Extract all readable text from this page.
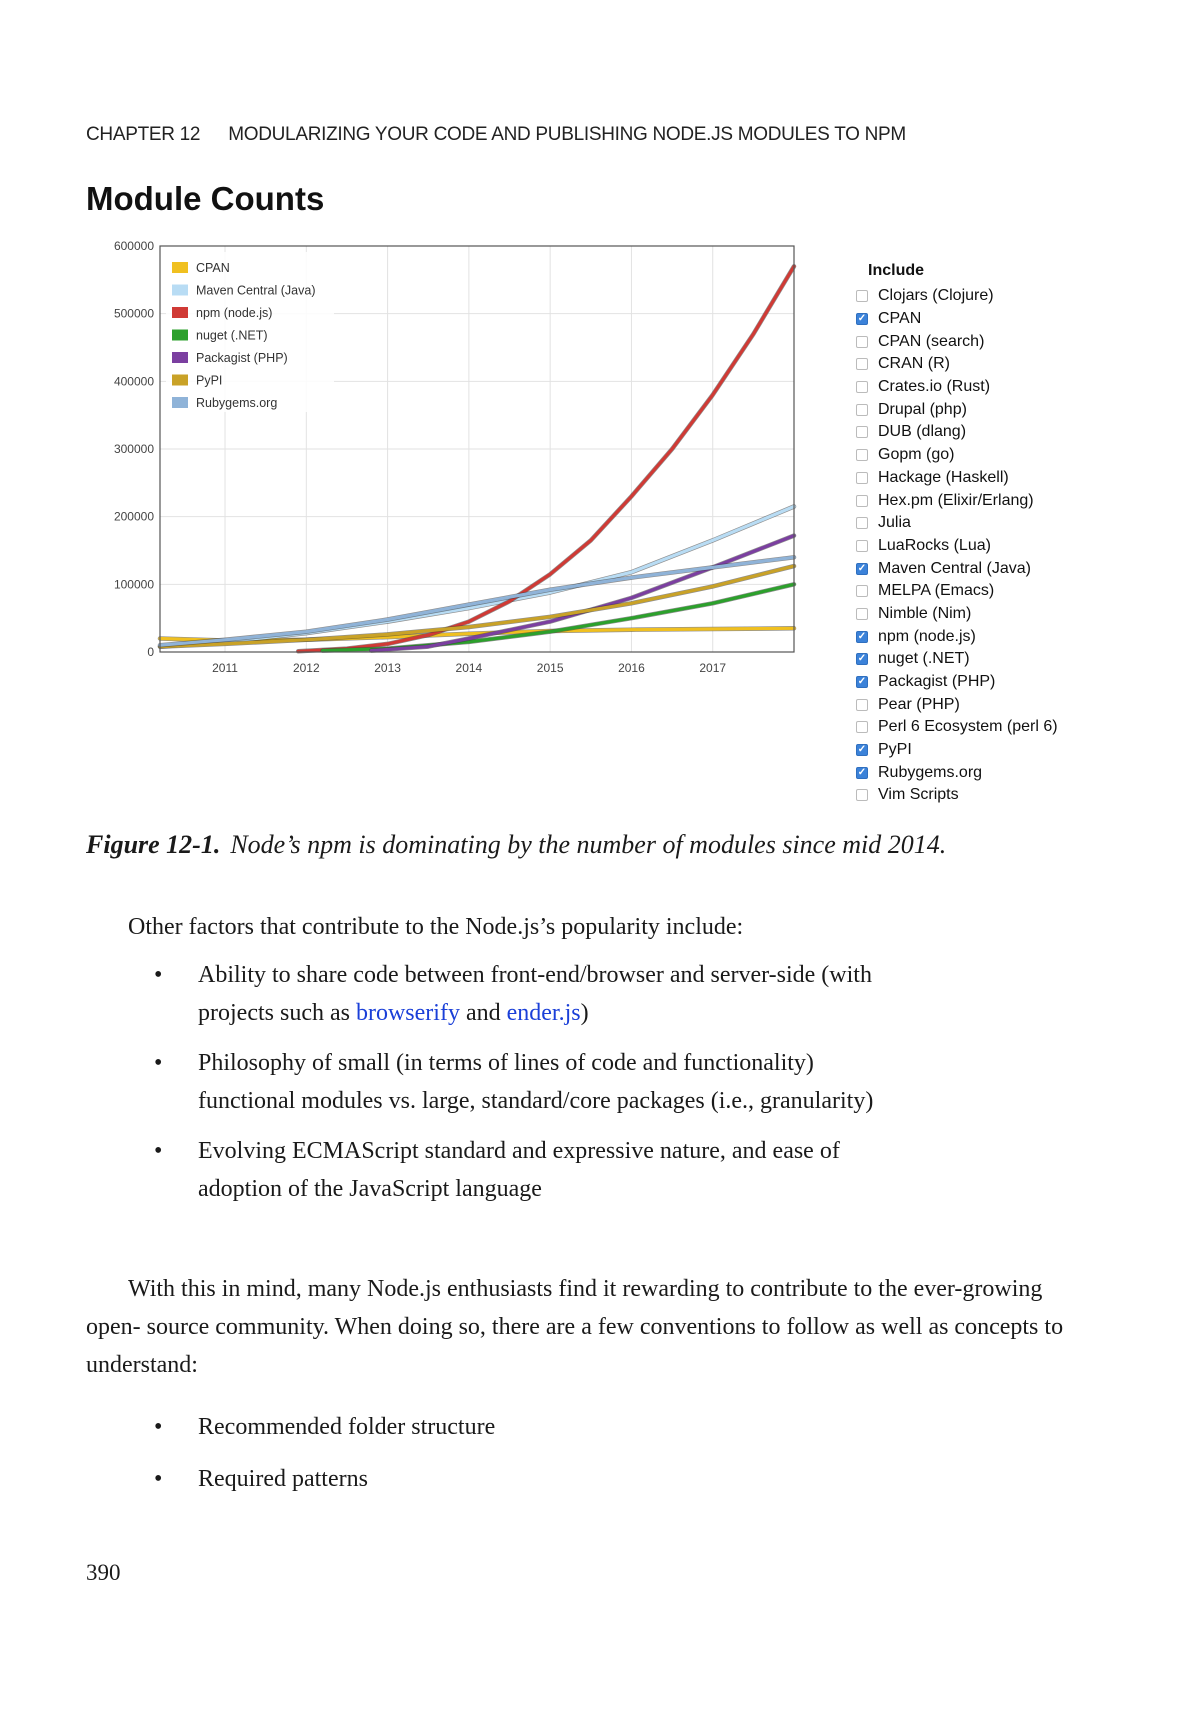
CHAPTER 12 MODULARIZING YOUR CODE AND PUBLISHING NODE.JS MODULES TO NPM
Module Counts
0
100000
200000
300000
400000
500000
600000
2011	2012	2013	2014	2015	2016	2017
CPAN
Maven Central (Java)
npm (node.js)
nuget (.NET)
Packagist (PHP)
PyPI
Rubygems.org
Include
Clojars (Clojure)
✓
CPAN
CPAN (search)
CRAN (R)
Crates.io (Rust)
Drupal (php)
DUB (dlang)
Gopm (go)
Hackage (Haskell)
Hex.pm (Elixir/Erlang)
Julia
LuaRocks (Lua)
✓
Maven Central (Java)
MELPA (Emacs)
Nimble (Nim)
✓
npm (node.js)
✓
nuget (.NET)
✓
Packagist (PHP)
Pear (PHP)
Perl 6 Ecosystem (perl 6)
✓
PyPI
✓
Rubygems.org
Vim Scripts
Figure 12-1. Node’s npm is dominating by the number of modules since mid 2014.
Other factors that contribute to the Node.js’s popularity include:
• Ability to share code between front-end/browser and server-side (with projects such as browserify and ender.js)
• Philosophy of small (in terms of lines of code and functionality) functional modules vs. large, standard/core packages (i.e., granularity)
• Evolving ECMAScript standard and expressive nature, and ease of adoption of the JavaScript language
With this in mind, many Node.js enthusiasts find it rewarding to contribute to the ever-growing open- source community. When doing so, there are a few conventions to follow as well as concepts to understand:
• Recommended folder structure
• Required patterns
390
